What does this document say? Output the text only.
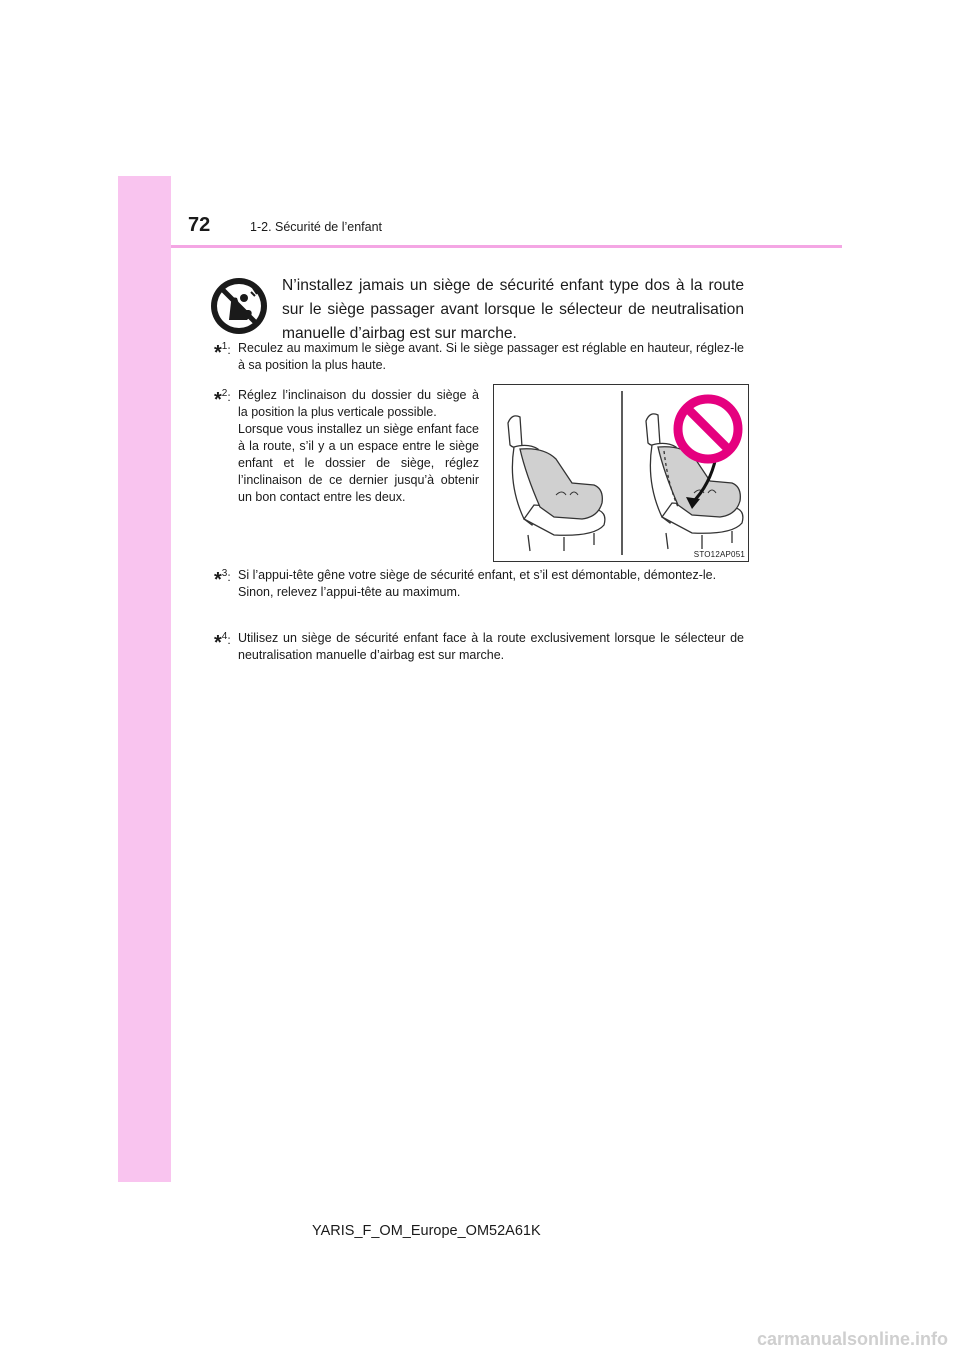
72	1-2. Sécurité de l’enfant
N’installez jamais un siège de sécurité enfant type dos à la route sur le siège passager avant lorsque le sélecteur de neutralisation manuelle d’airbag est sur marche.
*$^1$: Reculez au maximum le siège avant. Si le siège passager est réglable en hauteur, réglez-le à sa position la plus haute.
*$^2$: Réglez l’inclinaison du dossier du siège à la position la plus verticale possible.
Lorsque vous installez un siège enfant face à la route, s’il y a un espace entre le siège enfant et le dossier de siège, réglez l’inclinaison de ce dernier jusqu’à obtenir un bon contact entre les deux.
STO12AP051
*$^3$: Si l’appui-tête gêne votre siège de sécurité enfant, et s’il est démontable, démontez-le.
Sinon, relevez l’appui-tête au maximum.
*$^4$: Utilisez un siège de sécurité enfant face à la route exclusivement lorsque le sélecteur de neutralisation manuelle d’airbag est sur marche.
YARIS_F_OM_Europe_OM52A61K
carmanualsonline.info
